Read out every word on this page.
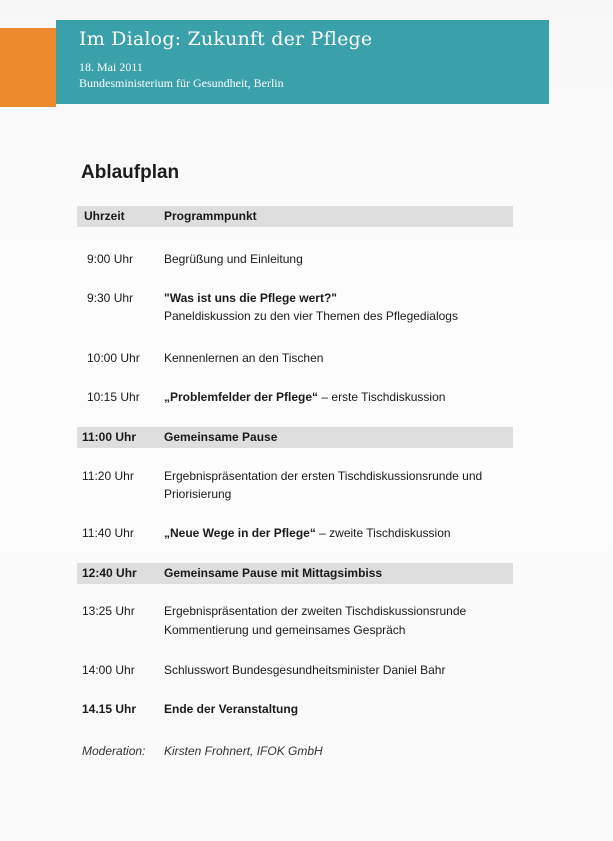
Im Dialog: Zukunft der Pflege
18. Mai 2011
Bundesministerium für Gesundheit, Berlin
Ablaufplan
Uhrzeit	Programmpunkt
9:00 Uhr	Begrüßung und Einleitung
9:30 Uhr	"Was ist uns die Pflege wert?"
Paneldiskussion zu den vier Themen des Pflegedialogs
10:00 Uhr Kennenlernen an den Tischen
10:15 Uhr „Problemfelder der Pflege“ – erste Tischdiskussion
11:00 Uhr Gemeinsame Pause
11:20 Uhr	Ergebnispräsentation der ersten Tischdiskussionsrunde und
Priorisierung
11:40 Uhr	„Neue Wege in der Pflege“ – zweite Tischdiskussion
12:40 Uhr Gemeinsame Pause mit Mittagsimbiss
13:25 Uhr Ergebnispräsentation der zweiten Tischdiskussionsrunde
Kommentierung und gemeinsames Gespräch
14:00 Uhr Schlusswort Bundesgesundheitsminister Daniel Bahr
14.15 Uhr Ende der Veranstaltung
Moderation: Kirsten Frohnert, IFOK GmbH
